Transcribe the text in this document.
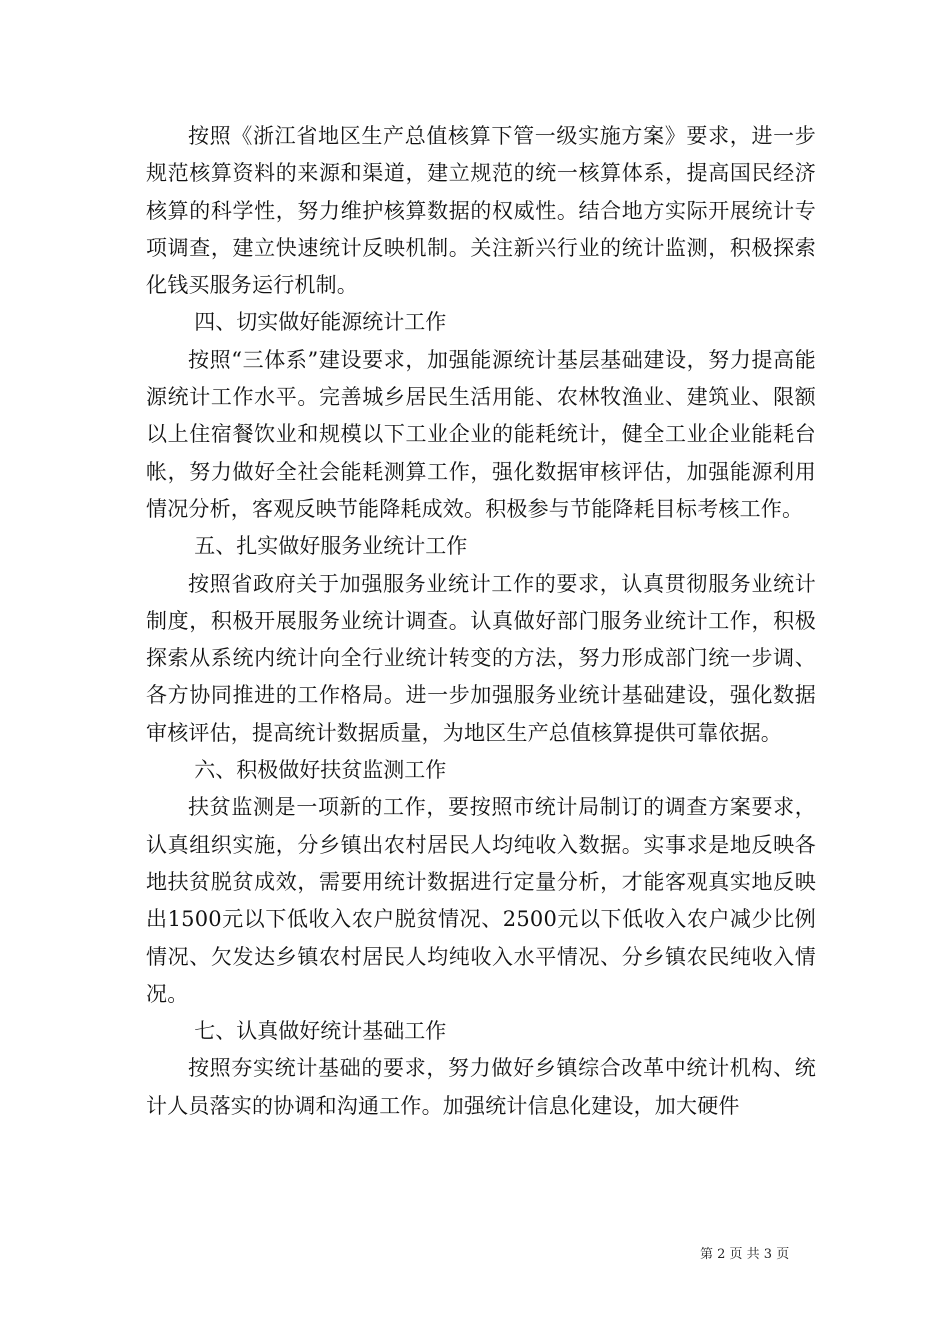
按照《浙江省地区生产总值核算下管一级实施方案》要求，进一步规范核算资料的来源和渠道，建立规范的统一核算体系，提高国民经济核算的科学性，努力维护核算数据的权威性。结合地方实际开展统计专项调查，建立快速统计反映机制。关注新兴行业的统计监测，积极探索化钱买服务运行机制。

四、切实做好能源统计工作

按照“三体系”建设要求，加强能源统计基层基础建设，努力提高能源统计工作水平。完善城乡居民生活用能、农林牧渔业、建筑业、限额以上住宿餐饮业和规模以下工业企业的能耗统计，健全工业企业能耗台帐，努力做好全社会能耗测算工作，强化数据审核评估，加强能源利用情况分析，客观反映节能降耗成效。积极参与节能降耗目标考核工作。

五、扎实做好服务业统计工作

按照省政府关于加强服务业统计工作的要求，认真贯彻服务业统计制度，积极开展服务业统计调查。认真做好部门服务业统计工作，积极探索从系统内统计向全行业统计转变的方法，努力形成部门统一步调、各方协同推进的工作格局。进一步加强服务业统计基础建设，强化数据审核评估，提高统计数据质量，为地区生产总值核算提供可靠依据。

六、积极做好扶贫监测工作

扶贫监测是一项新的工作，要按照市统计局制订的调查方案要求，认真组织实施，分乡镇出农村居民人均纯收入数据。实事求是地反映各地扶贫脱贫成效，需要用统计数据进行定量分析，才能客观真实地反映出1500元以下低收入农户脱贫情况、2500元以下低收入农户减少比例情况、欠发达乡镇农村居民人均纯收入水平情况、分乡镇农民纯收入情况。

七、认真做好统计基础工作

按照夯实统计基础的要求，努力做好乡镇综合改革中统计机构、统计人员落实的协调和沟通工作。加强统计信息化建设，加大硬件

第 2 页 共 3 页
